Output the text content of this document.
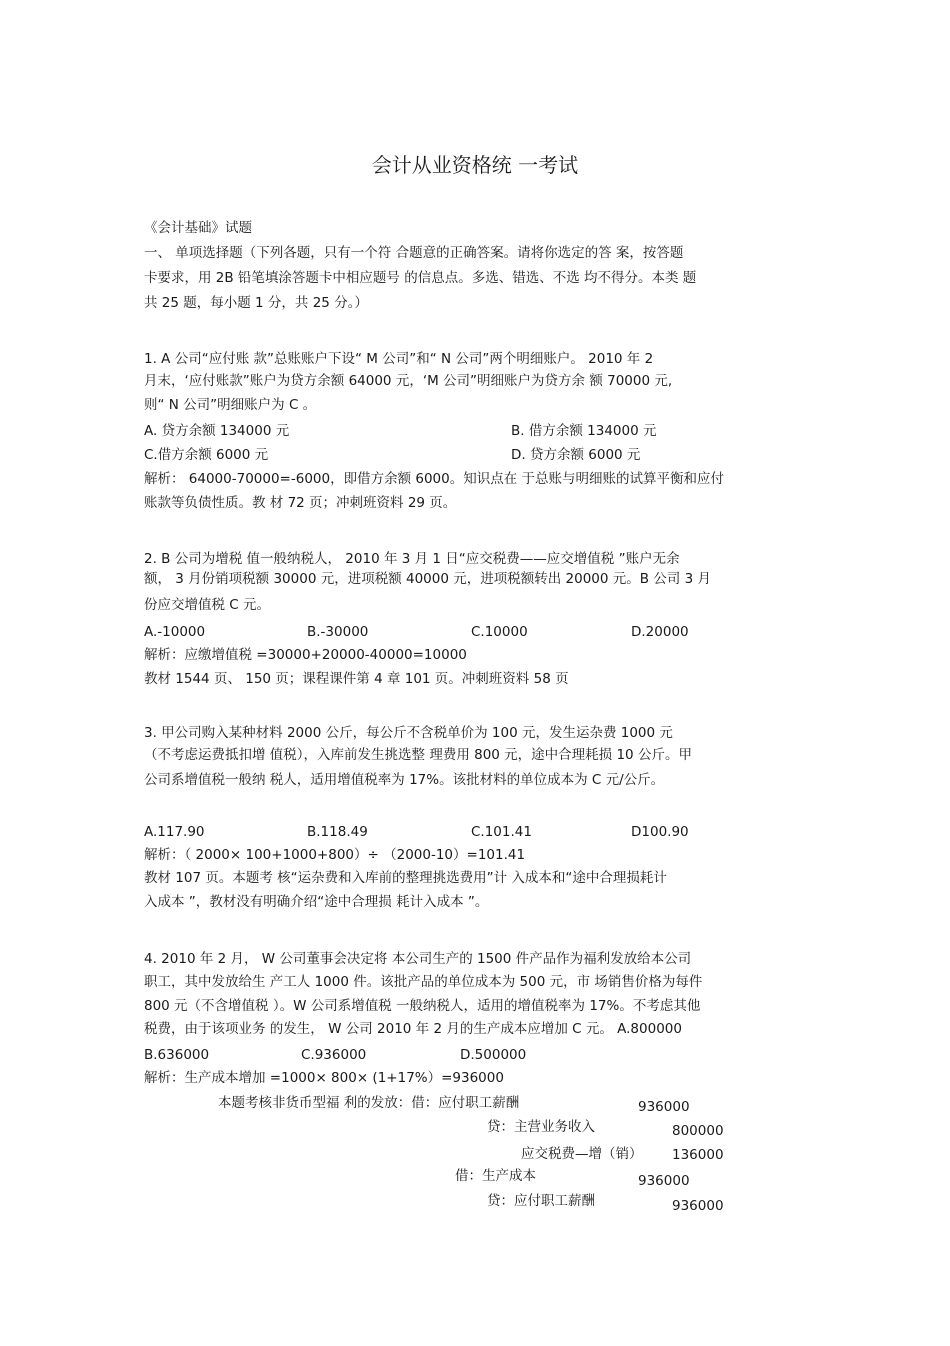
会计从业资格统 一考试
《会计基础》试题
一、 单项选择题（下列各题，只有一个符 合题意的正确答案。请将你选定的答 案，按答题
卡要求，用 2B 铅笔填涂答题卡中相应题号 的信息点。多选、错选、不选 均不得分。本类 题
共 25 题，每小题 1 分，共 25 分。）
1. A 公司“应付账 款”总账账户下设“ M 公司”和“ N 公司”两个明细账户。 2010 年 2
月末，‘应付账款”账户为贷方余额 64000 元，‘M 公司”明细账户为贷方余 额 70000 元,
则“ N 公司”明细账户为 C 。
A. 贷方余额 134000 元	B. 借方余额 134000 元
C.借方余额 6000 元	D. 贷方余额 6000 元
解析： 64000-70000=-6000，即借方余额 6000。知识点在 于总账与明细账的试算平衡和应付
账款等负债性质。教 材 72 页；冲刺班资料 29 页。
2. B 公司为增税 值一般纳税人， 2010 年 3 月 1 日“应交税费——应交增值税 ”账户无余
额， 3 月份销项税额 30000 元，进项税额 40000 元，进项税额转出 20000 元。B 公司 3 月
份应交增值税 C 元。
A.-10000	B.-30000	C.10000	D.20000
解析：应缴增值税 =30000+20000-40000=10000
教材 1544 页、 150 页；课程课件第 4 章 101 页。冲刺班资料 58 页
3. 甲公司购入某种材料 2000 公斤，每公斤不含税单价为 100 元，发生运杂费 1000 元
（不考虑运费抵扣增 值税），入库前发生挑选整 理费用 800 元，途中合理耗损 10 公斤。甲
公司系增值税一般纳 税人，适用增值税率为 17%。该批材料的单位成本为 C 元/公斤。
A.117.90	B.118.49	C.101.41	D100.90
解析：（ 2000× 100+1000+800）÷ （2000-10）=101.41
教材 107 页。本题考 核“运杂费和入库前的整理挑选费用”计 入成本和“途中合理损耗计
入成本 ”，教材没有明确介绍“途中合理损 耗计入成本 ”。
4. 2010 年 2 月， W 公司董事会决定将 本公司生产的 1500 件产品作为福利发放给本公司
职工，其中发放给生 产工人 1000 件。该批产品的单位成本为 500 元，市 场销售价格为每件
800 元（不含增值税 ）。W 公司系增值税 一般纳税人，适用的增值税率为 17%。不考虑其他
税费，由于该项业务 的发生， W 公司 2010 年 2 月的生产成本应增加 C 元。 A.800000
B.636000	C.936000	D.500000
解析：生产成本增加 =1000× 800× (1+17%）=936000
本题考核非货币型福 利的发放：借：应付职工薪酬	936000
贷：主营业务收入	800000
应交税费—增（销） 136000
借：生产成本	936000
贷：应付职工薪酬	936000
